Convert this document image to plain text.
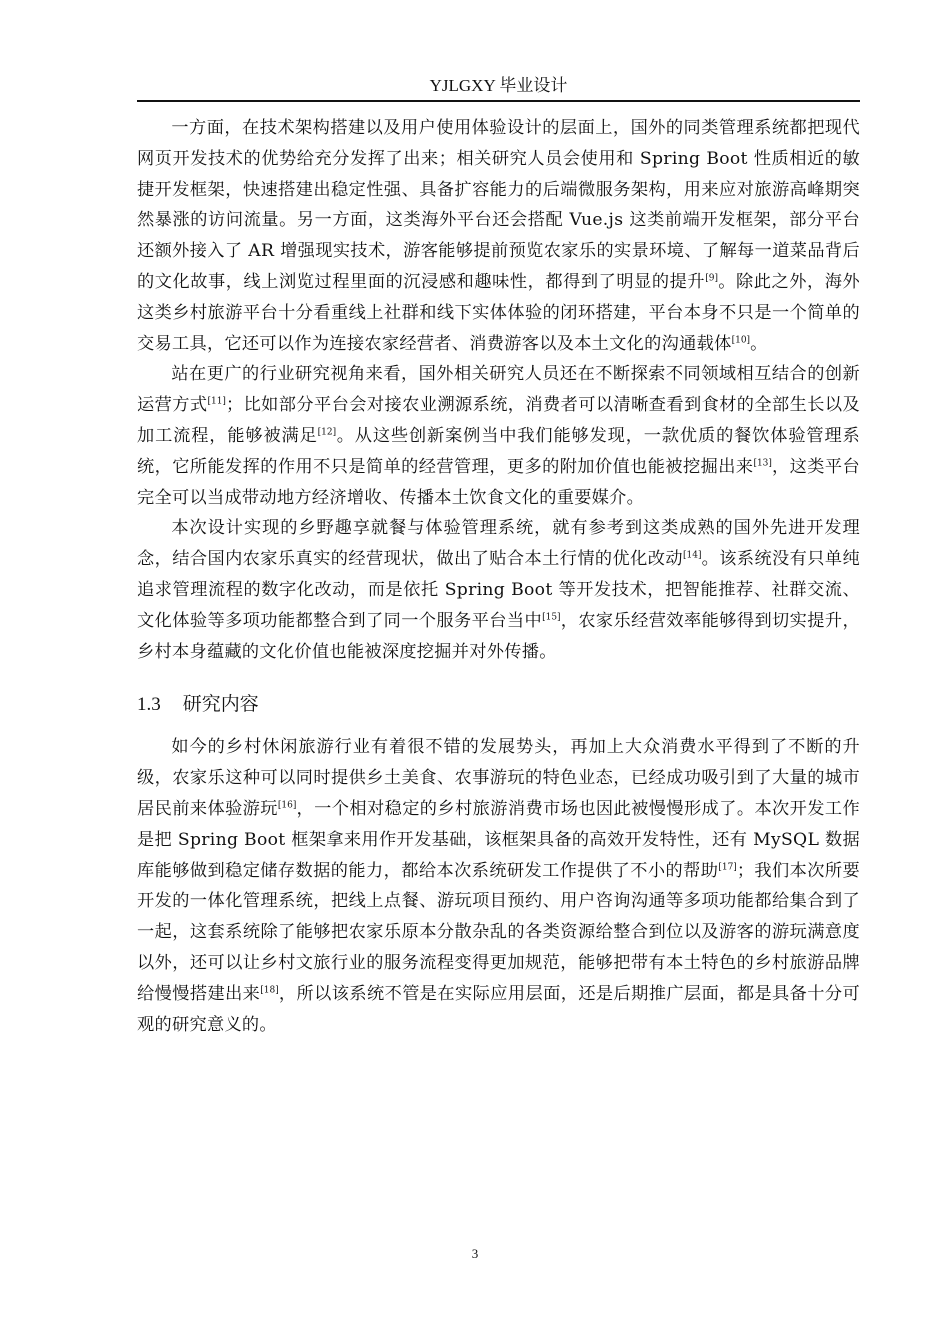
YJLGXY 毕业设计

一方面，在技术架构搭建以及用户使用体验设计的层面上，国外的同类管理系统都把现代网页开发技术的优势给充分发挥了出来；相关研究人员会使用和 Spring Boot 性质相近的敏捷开发框架，快速搭建出稳定性强、具备扩容能力的后端微服务架构，用来应对旅游高峰期突然暴涨的访问流量。另一方面，这类海外平台还会搭配 Vue.js 这类前端开发框架，部分平台还额外接入了 AR 增强现实技术，游客能够提前预览农家乐的实景环境、了解每一道菜品背后的文化故事，线上浏览过程里面的沉浸感和趣味性，都得到了明显的提升[9]。除此之外，海外这类乡村旅游平台十分看重线上社群和线下实体体验的闭环搭建，平台本身不只是一个简单的交易工具，它还可以作为连接农家经营者、消费游客以及本土文化的沟通载体[10]。

站在更广的行业研究视角来看，国外相关研究人员还在不断探索不同领域相互结合的创新运营方式[11]；比如部分平台会对接农业溯源系统，消费者可以清晰查看到食材的全部生长以及加工流程，能够被满足[12]。从这些创新案例当中我们能够发现，一款优质的餐饮体验管理系统，它所能发挥的作用不只是简单的经营管理，更多的附加价值也能被挖掘出来[13]，这类平台完全可以当成带动地方经济增收、传播本土饮食文化的重要媒介。

本次设计实现的乡野趣享就餐与体验管理系统，就有参考到这类成熟的国外先进开发理念，结合国内农家乐真实的经营现状，做出了贴合本土行情的优化改动[14]。该系统没有只单纯追求管理流程的数字化改动，而是依托 Spring Boot 等开发技术，把智能推荐、社群交流、文化体验等多项功能都整合到了同一个服务平台当中[15]，农家乐经营效率能够得到切实提升，乡村本身蕴藏的文化价值也能被深度挖掘并对外传播。

1.3 研究内容

如今的乡村休闲旅游行业有着很不错的发展势头，再加上大众消费水平得到了不断的升级，农家乐这种可以同时提供乡土美食、农事游玩的特色业态，已经成功吸引到了大量的城市居民前来体验游玩[16]，一个相对稳定的乡村旅游消费市场也因此被慢慢形成了。本次开发工作是把 Spring Boot 框架拿来用作开发基础，该框架具备的高效开发特性，还有 MySQL 数据库能够做到稳定储存数据的能力，都给本次系统研发工作提供了不小的帮助[17]；我们本次所要开发的一体化管理系统，把线上点餐、游玩项目预约、用户咨询沟通等多项功能都给集合到了一起，这套系统除了能够把农家乐原本分散杂乱的各类资源给整合到位以及游客的游玩满意度以外，还可以让乡村文旅行业的服务流程变得更加规范，能够把带有本土特色的乡村旅游品牌给慢慢搭建出来[18]，所以该系统不管是在实际应用层面，还是后期推广层面，都是具备十分可观的研究意义的。

3
